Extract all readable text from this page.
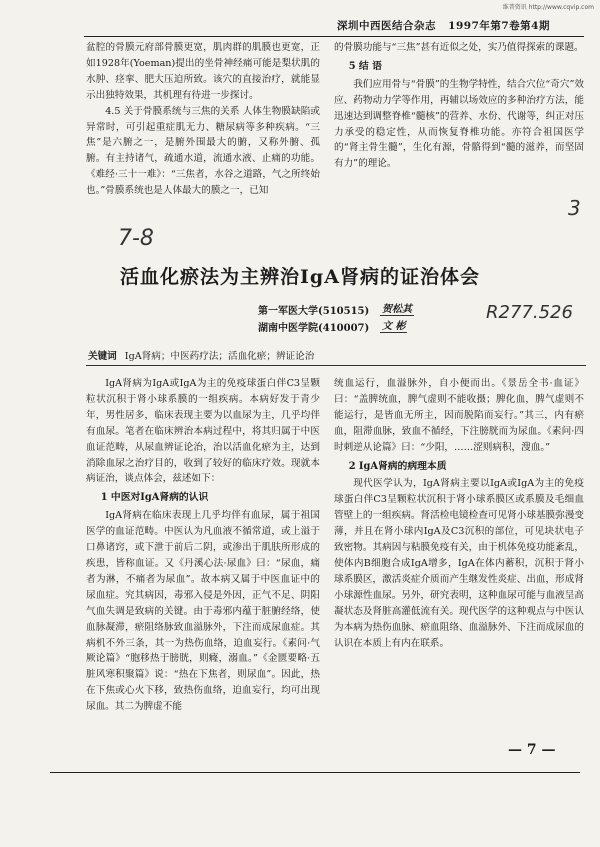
维普资讯 http://www.cqvip.com
深圳中西医结合杂志 1997年第7卷第4期

盆腔的骨膜元府部骨膜更宽，肌肉群的肌膜也更宽，正如1928年(Yoeman)提出的坐骨神经痛可能是梨状肌的水肿、痉挛、肥大压迫所致。该穴的直接治疗，就能显示出独特效果，其机理有待进一步探讨。

4.5 关于骨膜系统与三焦的关系 人体生物膜缺陷或异常时，可引起重症肌无力、糖尿病等多种疾病。“三焦”是六腑之一，是腑外围最大的腑，又称外腑、孤腑。有主持诸气，疏通水道，流通水液、止痛的功能。《难经·三十一难》：“三焦者，水谷之道路，气之所终始也。”骨膜系统也是人体最大的膜之一，已知

的骨膜功能与“三焦”甚有近似之处，实乃值得探索的课题。

5 结 语

我们应用骨与“骨膜”的生物学特性，结合穴位“奇穴”效应、药物动力学等作用，再辅以场效应的多种治疗方法，能迅速达到调整脊椎“髓核”的营养、水份、代谢等，纠正对压力承受的稳定性，从而恢复脊椎功能。亦符合祖国医学的“肾主骨生髓”，生化有源，骨骼得到“髓的滋养，而坚固有力”的理论。

3
7-8
活血化瘀法为主辨治IgA肾病的证治体会
第一军医大学(510515) 贺松其
湖南中医学院(410007) 文 彬
R277.526
关键词 IgA肾病；中医药疗法；活血化瘀；辨证论治

IgA肾病为IgA或IgA为主的免疫球蛋白伴C3呈颗粒状沉积于肾小球系膜的一组疾病。本病好发于青少年，男性居多，临床表现主要为以血尿为主，几乎均伴有血尿。笔者在临床辨治本病过程中，将其归属于中医血证范畴，从尿血辨证论治，治以活血化瘀为主，达到消除血尿之治疗目的，收到了较好的临床疗效。现就本病证治，谈点体会，兹述如下：

1 中医对IgA肾病的认识

IgA肾病在临床表现上几乎均伴有血尿，属于祖国医学的血证范畴。中医认为凡血液不循常道，或上溢于口鼻诸窍，或下泄于前后二阴，或渗出于肌肤所形成的疾患，皆称血证。又《丹溪心法·尿血》曰：“尿血，痛者为淋，不痛者为尿血”。故本病又属于中医血证中的尿血症。究其病因，毒邪入侵是外因，正气不足、阴阳气血失调是致病的关键。由于毒邪内蕴于脏腑经络，使血脉凝滞，瘀阻络脉致血溢脉外，下注而成尿血症。其病机不外三条，其一为热伤血络，迫血妄行。《素问·气厥论篇》“胞移热于膀胱，则癃，溺血。”《金匮要略·五脏风寒积聚篇》说：“热在下焦者，则尿血”。因此，热在下焦或心火下移，致热伤血络，迫血妄行，均可出现尿血。其二为脾虚不能

统血运行，血溢脉外，自小便而出。《景岳全书·血证》曰：“盖脾统血，脾气虚则不能收摄；脾化血，脾气虚则不能运行，是皆血无所主，因而脱陷而妄行。”其三，内有瘀血，阻滞血脉，致血不循经，下注膀胱而为尿血。《素问·四时刺逆从论篇》曰：“少阳，……涩则病积，溲血。”

2 IgA肾病的病理本质

现代医学认为，IgA肾病主要以IgA或IgA为主的免疫球蛋白伴C3呈颗粒状沉积于肾小球系膜区或系膜及毛细血管壁上的一组疾病。肾活检电镜检查可见肾小球基膜弥漫变薄，并且在肾小球内IgA及C3沉积的部位，可见块状电子致密物。其病因与粘膜免疫有关，由于机体免疫功能紊乱，使体内B细胞合成IgA增多，IgA在体内蓄积，沉积于肾小球系膜区，激活炎症介质而产生继发性炎症、出血，形成肾小球源性血尿。另外，研究表明，这种血尿可能与血液呈高凝状态及肾脏高灌低流有关。现代医学的这种观点与中医认为本病为热伤血脉、瘀血阻络、血溢脉外、下注而成尿血的认识在本质上有内在联系。

— 7 —
